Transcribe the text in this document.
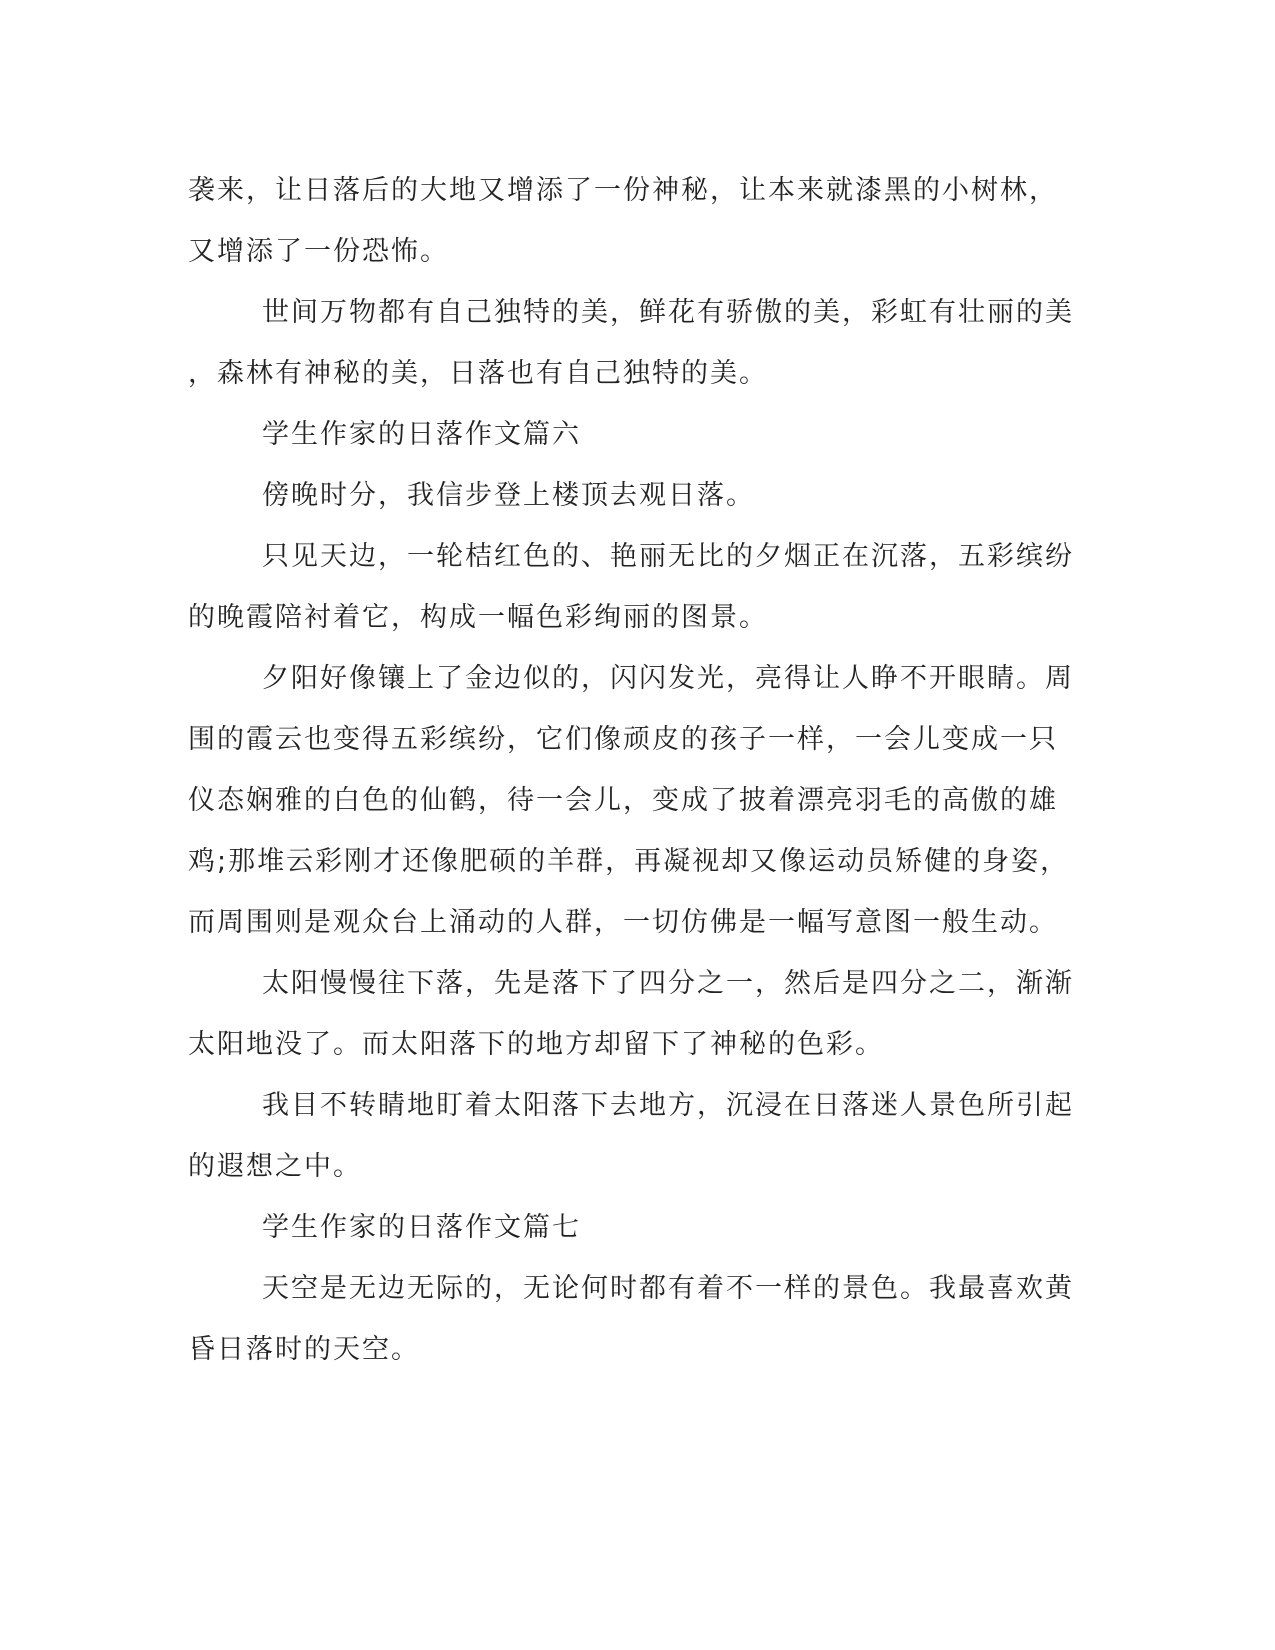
袭来，让日落后的大地又增添了一份神秘，让本来就漆黑的小树林，
又增添了一份恐怖。
世间万物都有自己独特的美，鲜花有骄傲的美，彩虹有壮丽的美
，森林有神秘的美，日落也有自己独特的美。
学生作家的日落作文篇六
傍晚时分，我信步登上楼顶去观日落。
只见天边，一轮桔红色的、艳丽无比的夕烟正在沉落，五彩缤纷
的晚霞陪衬着它，构成一幅色彩绚丽的图景。
夕阳好像镶上了金边似的，闪闪发光，亮得让人睁不开眼睛。周
围的霞云也变得五彩缤纷，它们像顽皮的孩子一样，一会儿变成一只
仪态娴雅的白色的仙鹤，待一会儿，变成了披着漂亮羽毛的高傲的雄
鸡;那堆云彩刚才还像肥硕的羊群，再凝视却又像运动员矫健的身姿，
而周围则是观众台上涌动的人群，一切仿佛是一幅写意图一般生动。
太阳慢慢往下落，先是落下了四分之一，然后是四分之二，渐渐
太阳地没了。而太阳落下的地方却留下了神秘的色彩。
我目不转睛地盯着太阳落下去地方，沉浸在日落迷人景色所引起
的遐想之中。
学生作家的日落作文篇七
天空是无边无际的，无论何时都有着不一样的景色。我最喜欢黄
昏日落时的天空。
